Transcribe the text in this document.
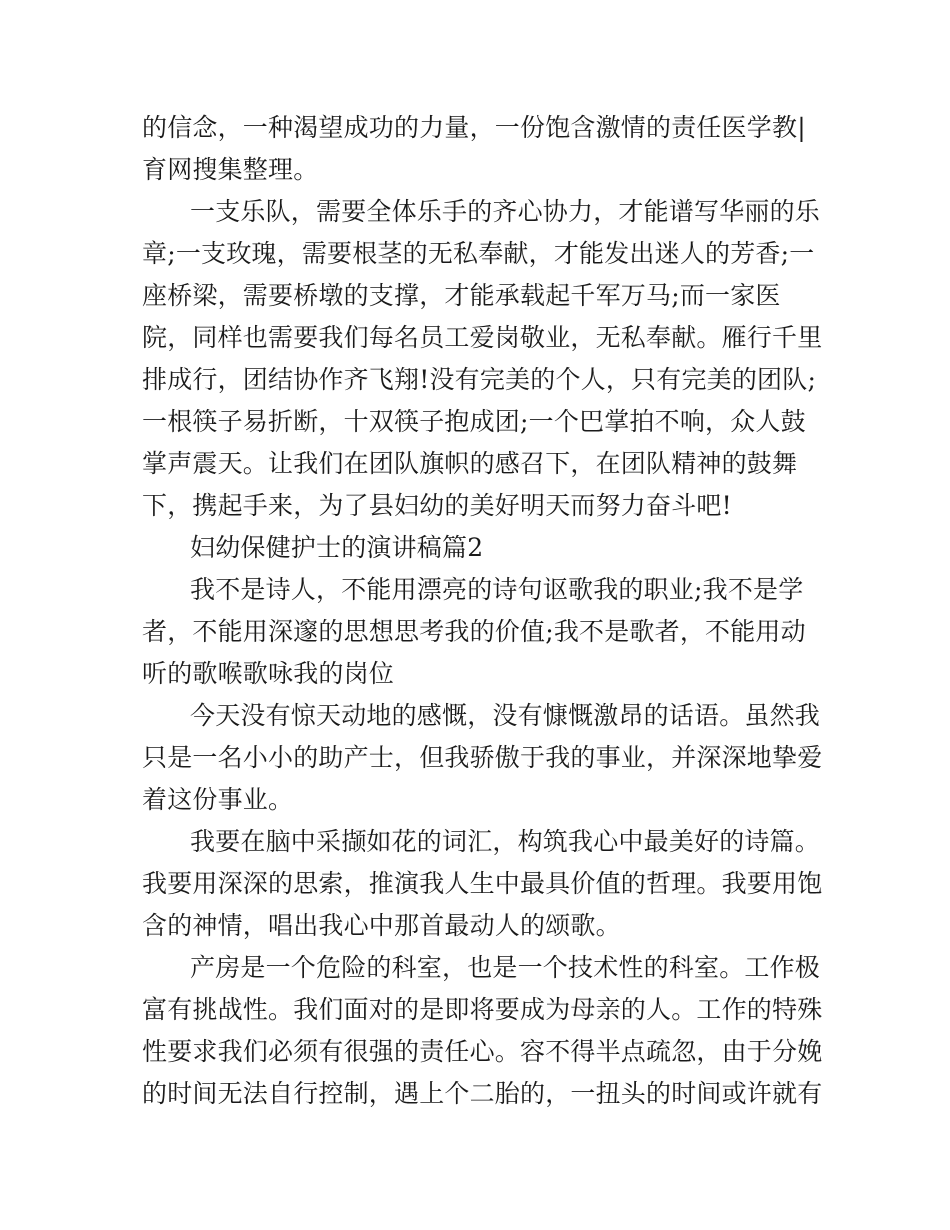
的信念，一种渴望成功的力量，一份饱含激情的责任医学教|
育网搜集整理。
一支乐队，需要全体乐手的齐心协力，才能谱写华丽的乐
章;一支玫瑰，需要根茎的无私奉献，才能发出迷人的芳香;一
座桥梁，需要桥墩的支撑，才能承载起千军万马;而一家医
院，同样也需要我们每名员工爱岗敬业，无私奉献。雁行千里
排成行，团结协作齐飞翔!没有完美的个人，只有完美的团队;
一根筷子易折断，十双筷子抱成团;一个巴掌拍不响，众人鼓
掌声震天。让我们在团队旗帜的感召下，在团队精神的鼓舞
下，携起手来，为了县妇幼的美好明天而努力奋斗吧!
妇幼保健护士的演讲稿篇2
我不是诗人，不能用漂亮的诗句讴歌我的职业;我不是学
者，不能用深邃的思想思考我的价值;我不是歌者，不能用动
听的歌喉歌咏我的岗位
今天没有惊天动地的感慨，没有慷慨激昂的话语。虽然我
只是一名小小的助产士，但我骄傲于我的事业，并深深地挚爱
着这份事业。
我要在脑中采撷如花的词汇，构筑我心中最美好的诗篇。
我要用深深的思索，推演我人生中最具价值的哲理。我要用饱
含的神情，唱出我心中那首最动人的颂歌。
产房是一个危险的科室，也是一个技术性的科室。工作极
富有挑战性。我们面对的是即将要成为母亲的人。工作的特殊
性要求我们必须有很强的责任心。容不得半点疏忽，由于分娩
的时间无法自行控制，遇上个二胎的，一扭头的时间或许就有
